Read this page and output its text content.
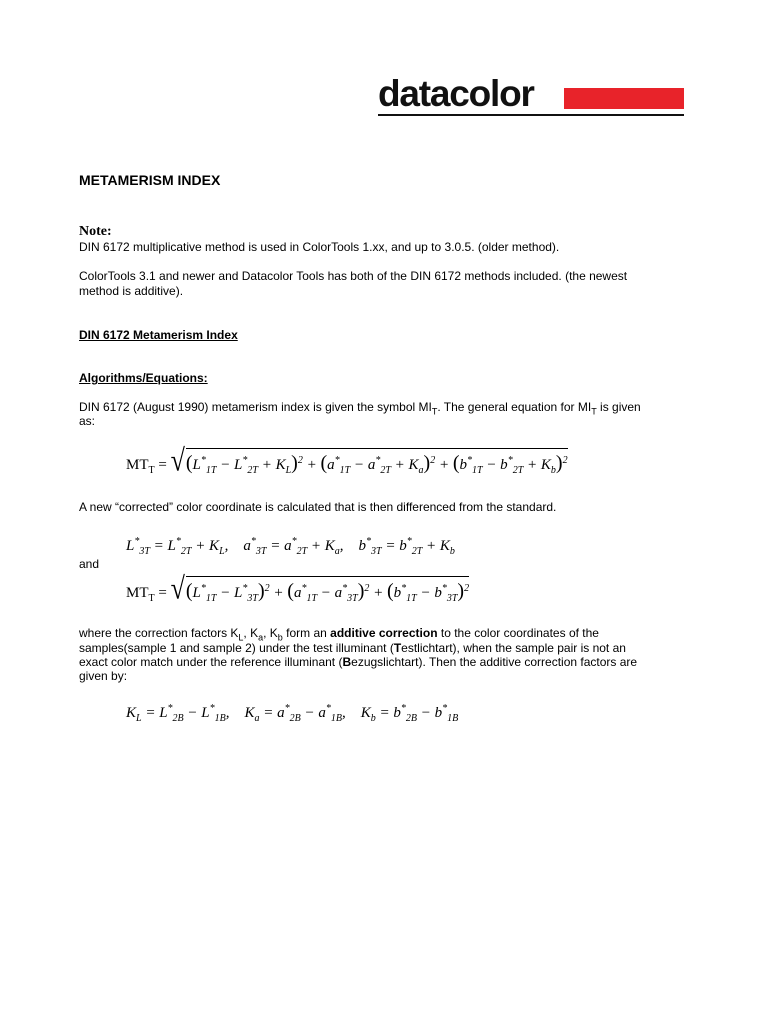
datacolor
METAMERISM INDEX
Note:
DIN 6172 multiplicative method is used in ColorTools 1.xx, and up to 3.0.5. (older method).
ColorTools 3.1 and newer and Datacolor Tools has both of the DIN 6172 methods included. (the newest
method is additive).
DIN 6172 Metamerism Index
Algorithms/Equations:
DIN 6172 (August 1990) metamerism index is given the symbol $MI_T$. The general equation for $MI_T$ is given
as:
$MT_T$ = √ $(L^*_{1T} - L^*_{2T} + K_L)^2 + (a^*_{1T} - a^*_{2T} + K_a)^2 + (b^*_{1T} - b^*_{2T} + K_b)^2$
A new “corrected” color coordinate is calculated that is then differenced from the standard.
$L^*_{3T} = L^*_{2T} + K_L$,    $a^*_{3T} = a^*_{2T} + K_a$,    $b^*_{3T} = b^*_{2T} + K_b$
and
$MT_T$ = √ $(L^*_{1T} - L^*_{3T})^2 + (a^*_{1T} - a^*_{3T})^2 + (b^*_{1T} - b^*_{3T})^2$
where the correction factors $K_L$, $K_a$, $K_b$ form an additive correction to the color coordinates of the
samples(sample 1 and sample 2) under the test illuminant (Testlichtart), when the sample pair is not an
exact color match under the reference illuminant (Bezugslichtart). Then the additive correction factors are
given by:
$K_L = L^*_{2B} - L^*_{1B}$,    $K_a = a^*_{2B} - a^*_{1B}$,    $K_b = b^*_{2B} - b^*_{1B}$
